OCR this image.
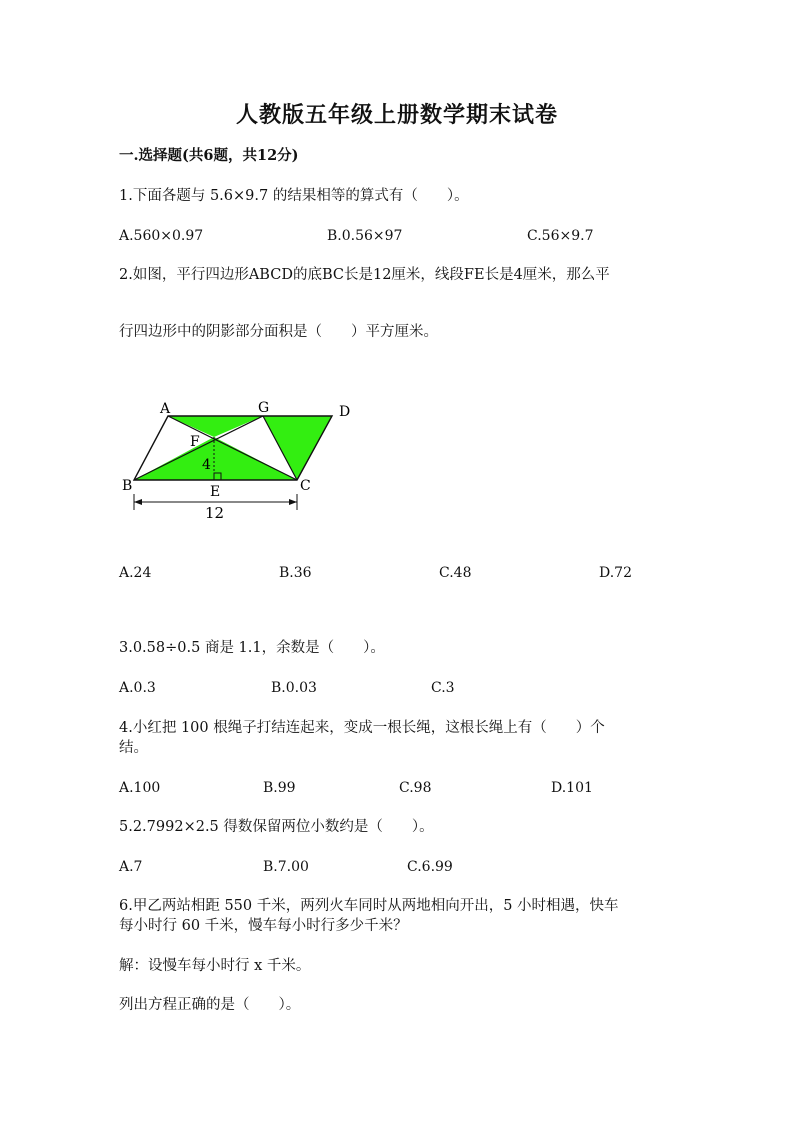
人教版五年级上册数学期末试卷
一.选择题(共6题，共12分)
1.下面各题与 5.6×9.7 的结果相等的算式有（　　）。
A.560×0.97	B.0.56×97	C.56×9.7
2.如图，平行四边形ABCD的底BC长是12厘米，线段FE长是4厘米，那么平
行四边形中的阴影部分面积是（　　）平方厘米。
A	G	D
F
4
B	E	C
12
A.24	B.36	C.48	D.72
3.0.58÷0.5 商是 1.1，余数是（　　）。
A.0.3	B.0.03	C.3
4.小红把 100 根绳子打结连起来，变成一根长绳，这根长绳上有（　　）个
结。
A.100	B.99	C.98	D.101
5.2.7992×2.5 得数保留两位小数约是（　　）。
A.7	B.7.00	C.6.99
6.甲乙两站相距 550 千米，两列火车同时从两地相向开出，5 小时相遇，快车
每小时行 60 千米，慢车每小时行多少千米？
解：设慢车每小时行 x 千米。
列出方程正确的是（　　）。
